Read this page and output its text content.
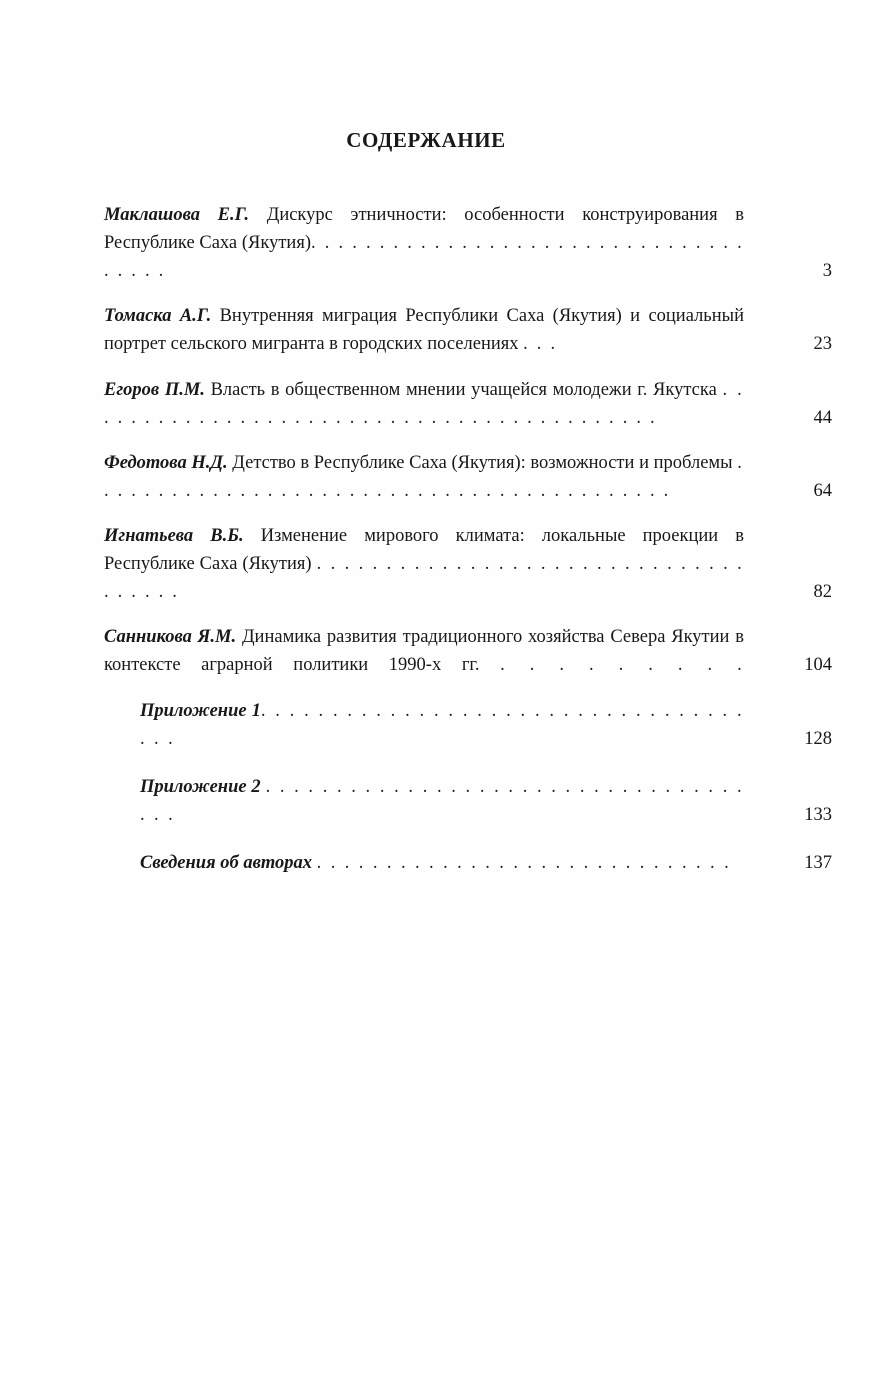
СОДЕРЖАНИЕ
Маклашова Е.Г. Дискурс этничности: особенности конструирования в Республике Саха (Якутия). . . . . . . . . . . . . . . . . . . . . . . . . . . . . . . . . . . . .	3
Томаска А.Г. Внутренняя миграция Республики Саха (Якутия) и социальный портрет сельского мигранта в городских поселениях . . .	23
Егоров П.М. Власть в общественном мнении учащейся молодежи г. Якутска . . . . . . . . . . . . . . . . . . . . . . . . . . . . . . . . . . . . . . . . . . .	44
Федотова Н.Д. Детство в Республике Саха (Якутия): возможности и проблемы . . . . . . . . . . . . . . . . . . . . . . . . . . . . . . . . . . . . . . . . . . .	64
Игнатьева В.Б. Изменение мирового климата: локальные проекции в Республике Саха (Якутия) . . . . . . . . . . . . . . . . . . . . . . . . . . . . . . . . . . . . .	82
Санникова Я.М. Динамика развития традиционного хозяйства Севера Якутии в контексте аграрной политики 1990-х гг. . . . . . . . . .	104
Приложение 1. . . . . . . . . . . . . . . . . . . . . . . . . . . . . . . . . . . . .	128
Приложение 2 . . . . . . . . . . . . . . . . . . . . . . . . . . . . . . . . . . . . .	133
Сведения об авторах . . . . . . . . . . . . . . . . . . . . . . . . . . . . . .	137
